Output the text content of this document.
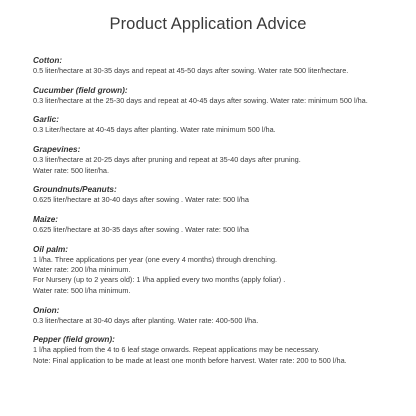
Product Application Advice
Cotton:
0.5 liter/hectare at 30-35 days and repeat at 45-50 days after sowing. Water rate 500 liter/hectare.
Cucumber (field grown):
0.3 liter/hectare at the 25-30 days and repeat at 40-45 days after sowing. Water rate: minimum 500 l/ha.
Garlic:
0.3 Liter/hectare at 40-45 days after planting. Water rate minimum 500 l/ha.
Grapevines:
0.3 liter/hectare at 20-25 days after pruning and repeat at 35-40 days after pruning.
Water rate: 500 liter/ha.
Groundnuts/Peanuts:
0.625 liter/hectare at 30-40 days after sowing . Water rate: 500 l/ha
Maize:
0.625 liter/hectare at 30-35 days after sowing . Water rate: 500 l/ha
Oil palm:
1 l/ha. Three applications per year (one every 4 months) through drenching.
Water rate: 200 l/ha minimum.
For Nursery (up to 2 years old): 1 l/ha applied every two months (apply foliar) .
Water rate: 500 l/ha minimum.
Onion:
0.3 liter/hectare at 30-40 days after planting. Water rate: 400-500 l/ha.
Pepper (field grown):
1 l/ha applied from the 4 to 6 leaf stage onwards. Repeat applications may be necessary.
Note: Final application to be made at least one month before harvest. Water rate: 200 to 500 l/ha.
